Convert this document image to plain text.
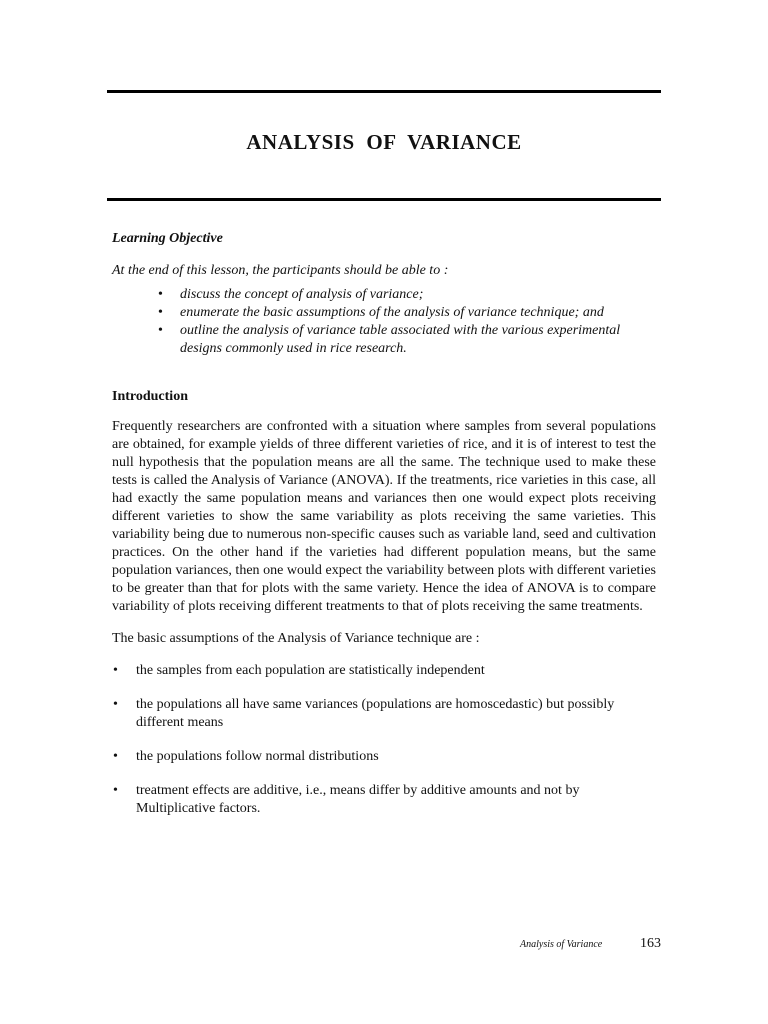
ANALYSIS OF VARIANCE

Learning Objective

At the end of this lesson, the participants should be able to :

• discuss the concept of analysis of variance;
• enumerate the basic assumptions of the analysis of variance technique; and
• outline the analysis of variance table associated with the various experimental designs commonly used in rice research.

Introduction

Frequently researchers are confronted with a situation where samples from several populations are obtained, for example yields of three different varieties of rice, and it is of interest to test the null hypothesis that the population means are all the same. The technique used to make these tests is called the Analysis of Variance (ANOVA). If the treatments, rice varieties in this case, all had exactly the same population means and variances then one would expect plots receiving different varieties to show the same variability as plots receiving the same varieties. This variability being due to numerous non-specific causes such as variable land, seed and cultivation practices. On the other hand if the varieties had different population means, but the same population variances, then one would expect the variability between plots with different varieties to be greater than that for plots with the same variety. Hence the idea of ANOVA is to compare variability of plots receiving different treatments to that of plots receiving the same treatments.

The basic assumptions of the Analysis of Variance technique are :

• the samples from each population are statistically independent
• the populations all have same variances (populations are homoscedastic) but possibly different means
• the populations follow normal distributions
• treatment effects are additive, i.e., means differ by additive amounts and not by Multiplicative factors.
Analysis of Variance	163
